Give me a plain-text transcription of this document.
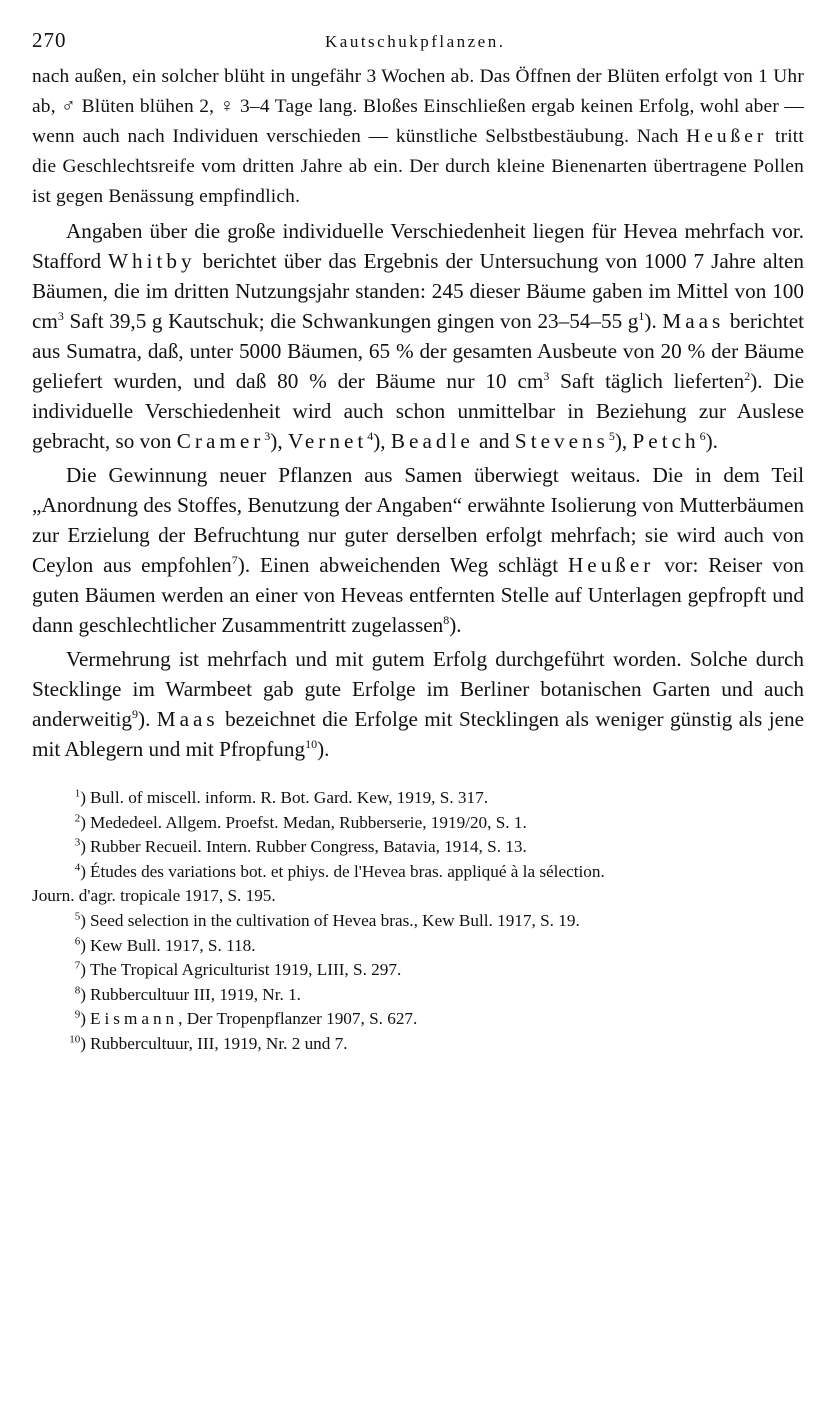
270	Kautschukpflanzen.

nach außen, ein solcher blüht in ungefähr 3 Wochen ab. Das Öffnen der Blüten erfolgt von 1 Uhr ab, ♂ Blüten blühen 2, ♀ 3–4 Tage lang. Bloßes Einschließen ergab keinen Erfolg, wohl aber — wenn auch nach Individuen verschieden — künstliche Selbstbestäubung. Nach Heußer tritt die Geschlechtsreife vom dritten Jahre ab ein. Der durch kleine Bienenarten übertragene Pollen ist gegen Benässung empfindlich.

Angaben über die große individuelle Verschiedenheit liegen für Hevea mehrfach vor. Stafford Whitby berichtet über das Ergebnis der Untersuchung von 1000 7 Jahre alten Bäumen, die im dritten Nutzungsjahr standen: 245 dieser Bäume gaben im Mittel von 100 $cm^3$ Saft 39,5 g Kautschuk; die Schwankungen gingen von 23–54–55 $g^1$). Maas berichtet aus Sumatra, daß, unter 5000 Bäumen, 65 % der gesamten Ausbeute von 20 % der Bäume geliefert wurden, und daß 80 % der Bäume nur 10 $cm^3$ Saft täglich lieferten$^2$). Die individuelle Verschiedenheit wird auch schon unmittelbar in Beziehung zur Auslese gebracht, so von Cramer$^3$), Vernet$^4$), Beadle and Stevens$^5$), Petch$^6$).

Die Gewinnung neuer Pflanzen aus Samen überwiegt weitaus. Die in dem Teil „Anordnung des Stoffes, Benutzung der Angaben“ erwähnte Isolierung von Mutterbäumen zur Erzielung der Befruchtung nur guter derselben erfolgt mehrfach; sie wird auch von Ceylon aus empfohlen$^7$). Einen abweichenden Weg schlägt Heußer vor: Reiser von guten Bäumen werden an einer von Heveas entfernten Stelle auf Unterlagen gepfropft und dann geschlechtlicher Zusammentritt zugelassen$^8$).

Vermehrung ist mehrfach und mit gutem Erfolg durchgeführt worden. Solche durch Stecklinge im Warmbeet gab gute Erfolge im Berliner botanischen Garten und auch anderweitig$^9$). Maas bezeichnet die Erfolge mit Stecklingen als weniger günstig als jene mit Ablegern und mit Pfropfung$^{10}$).

$^1$) Bull. of miscell. inform. R. Bot. Gard. Kew, 1919, S. 317.
$^2$) Mededeel. Allgem. Proefst. Medan, Rubberserie, 1919/20, S. 1.
$^3$) Rubber Recueil. Intern. Rubber Congress, Batavia, 1914, S. 13.
$^4$) Études des variations bot. et phiys. de l'Hevea bras. appliqué à la sélection.
Journ. d'agr. tropicale 1917, S. 195.
$^5$) Seed selection in the cultivation of Hevea bras., Kew Bull. 1917, S. 19.
$^6$) Kew Bull. 1917, S. 118.
$^7$) The Tropical Agriculturist 1919, LIII, S. 297.
$^8$) Rubbercultuur III, 1919, Nr. 1.
$^9$) Eismann, Der Tropenpflanzer 1907, S. 627.
$^{10}$) Rubbercultuur, III, 1919, Nr. 2 und 7.
